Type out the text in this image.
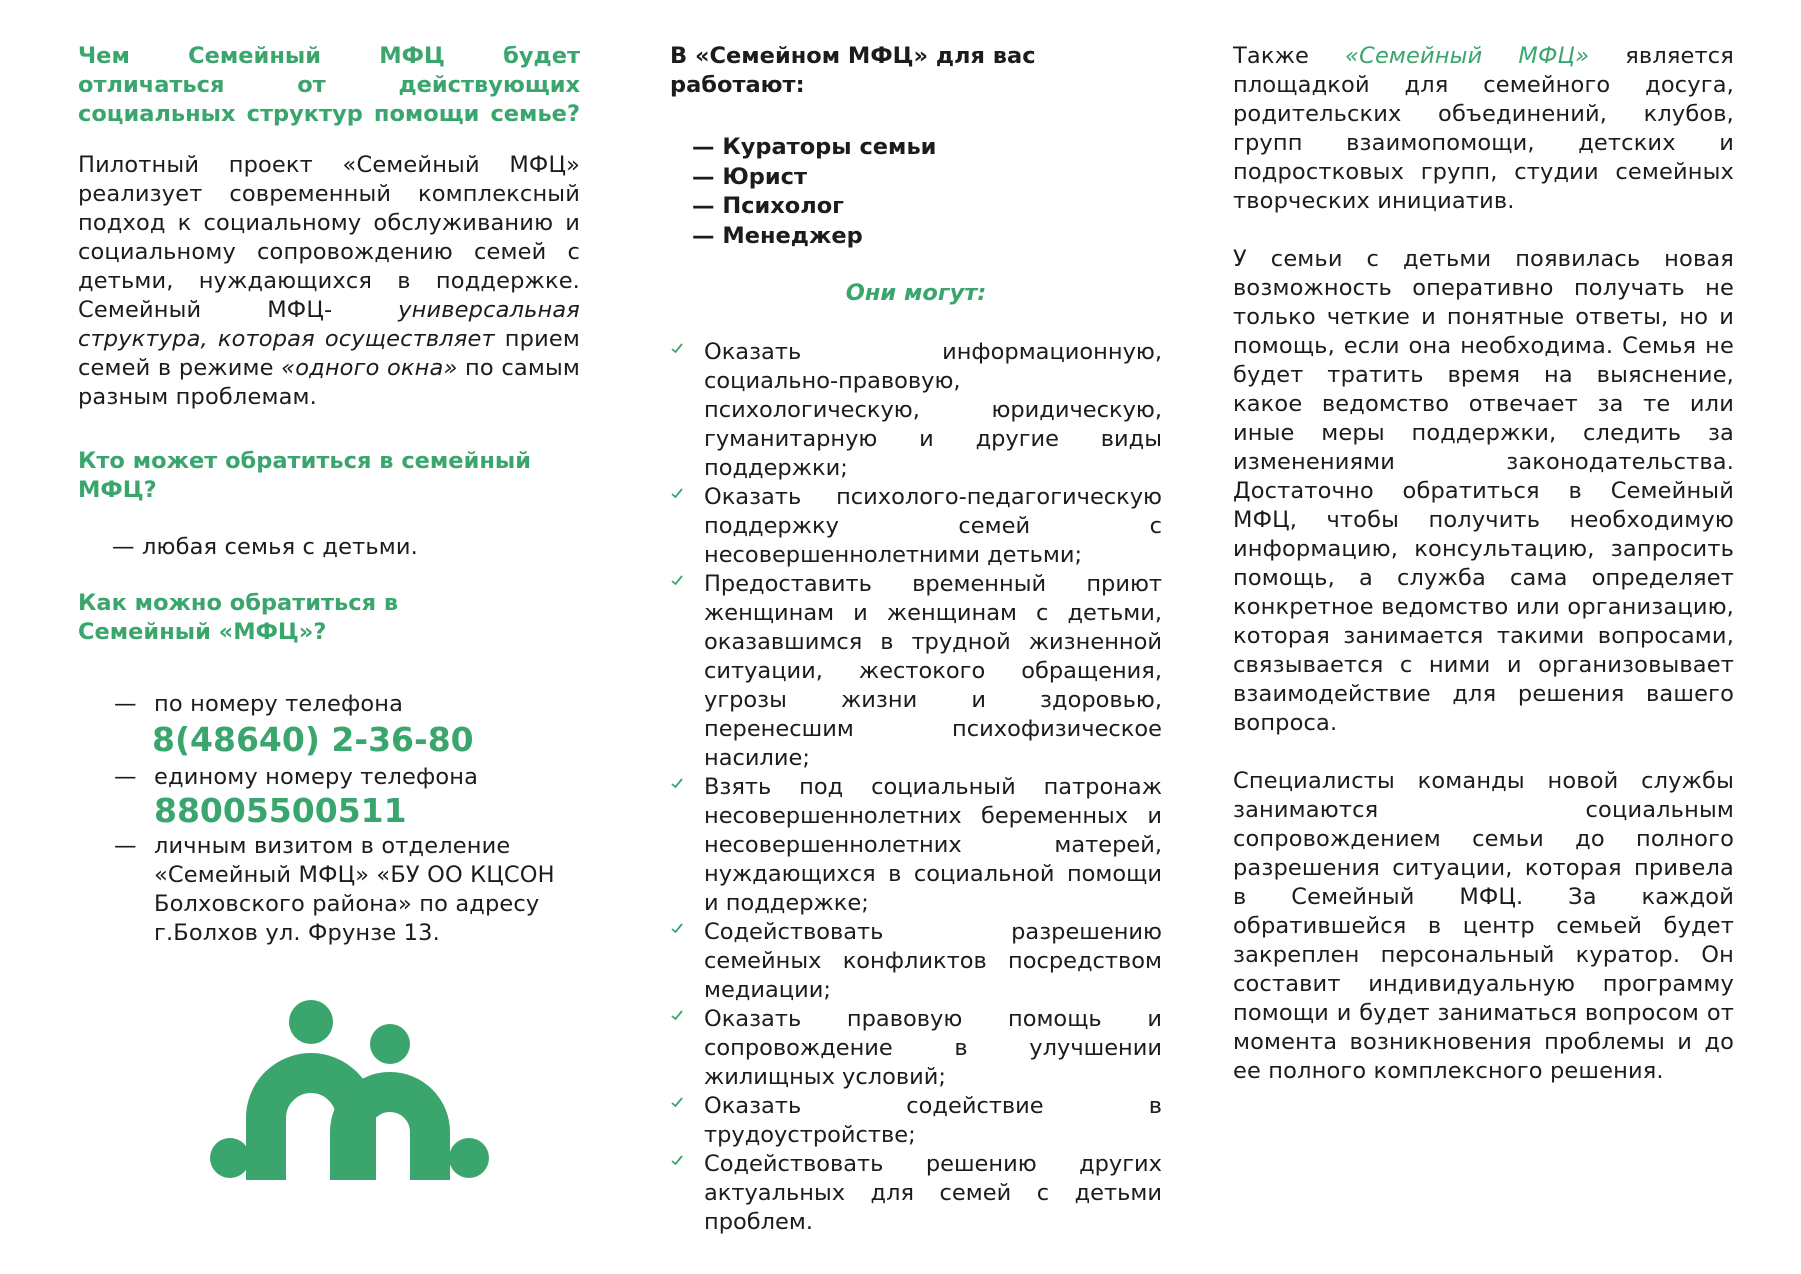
Чем Семейный МФЦ будет отличаться от действующих социальных структур помощи семье?

Пилотный проект «Семейный МФЦ» реализует современный комплексный подход к социальному обслуживанию и социальному сопровождению семей с детьми, нуждающихся в поддержке. Семейный МФЦ- универсальная структура, которая осуществляет прием семей в режиме «одного окна» по самым разным проблемам.

Кто может обратиться в семейный МФЦ?

— любая семья с детьми.

Как можно обратиться в Семейный «МФЦ»?

— по номеру телефона

8(48640) 2-36-80

— единому номеру телефона

88005500511

— личным визитом в отделение «Семейный МФЦ» «БУ ОО КЦСОН Болховского района» по адресу г.Болхов ул. Фрунзе 13.

В «Семейном МФЦ» для вас работают:

— Кураторы семьи
— Юрист
— Психолог
— Менеджер

Они могут:

Оказать информационную, социально-правовую, психологическую, юридическую, гуманитарную и другие виды поддержки;
Оказать психолого-педагогическую поддержку семей с несовершеннолетними детьми;
Предоставить временный приют женщинам и женщинам с детьми, оказавшимся в трудной жизненной ситуации, жестокого обращения, угрозы жизни и здоровью, перенесшим психофизическое насилие;
Взять под социальный патронаж несовершеннолетних беременных и несовершеннолетних матерей, нуждающихся в социальной помощи и поддержке;
Содействовать разрешению семейных конфликтов посредством медиации;
Оказать правовую помощь и сопровождение в улучшении жилищных условий;
Оказать содействие в трудоустройстве;
Содействовать решению других актуальных для семей с детьми проблем.

Также «Семейный МФЦ» является площадкой для семейного досуга, родительских объединений, клубов, групп взаимопомощи, детских и подростковых групп, студии семейных творческих инициатив.

У семьи с детьми появилась новая возможность оперативно получать не только четкие и понятные ответы, но и помощь, если она необходима. Семья не будет тратить время на выяснение, какое ведомство отвечает за те или иные меры поддержки, следить за изменениями законодательства. Достаточно обратиться в Семейный МФЦ, чтобы получить необходимую информацию, консультацию, запросить помощь, а служба сама определяет конкретное ведомство или организацию, которая занимается такими вопросами, связывается с ними и организовывает взаимодействие для решения вашего вопроса.

Специалисты команды новой службы занимаются социальным сопровождением семьи до полного разрешения ситуации, которая привела в Семейный МФЦ. За каждой обратившейся в центр семьей будет закреплен персональный куратор. Он составит индивидуальную программу помощи и будет заниматься вопросом от момента возникновения проблемы и до ее полного комплексного решения.
